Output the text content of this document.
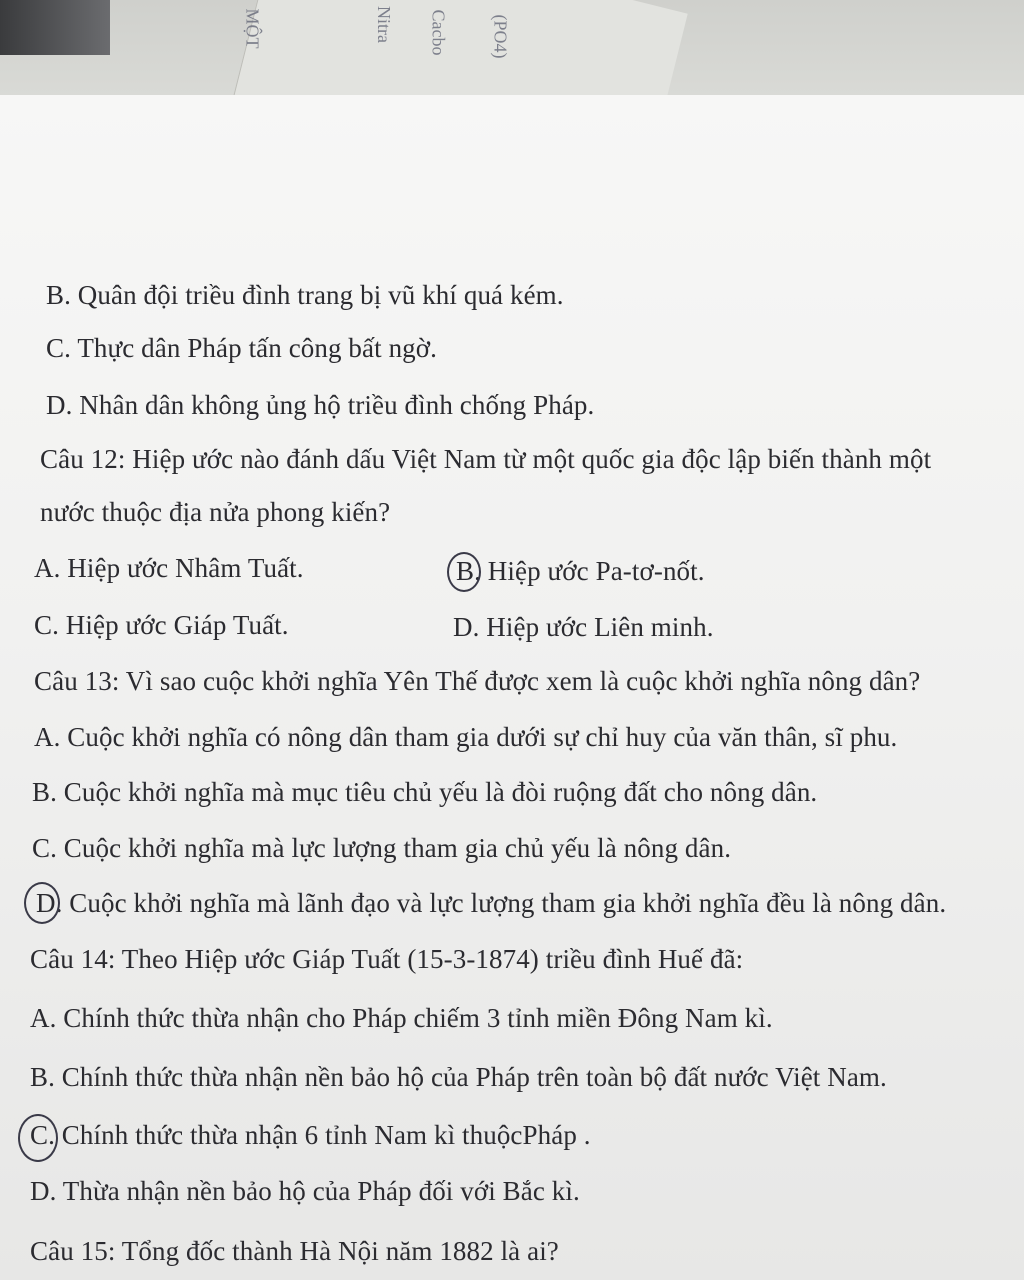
MỘT	Cacbo
Nitra	(PO4)
B. Quân đội triều đình trang bị vũ khí quá kém.
C. Thực dân Pháp tấn công bất ngờ.
D. Nhân dân không ủng hộ triều đình chống Pháp.
Câu 12: Hiệp ước nào đánh dấu Việt Nam từ một quốc gia độc lập biến thành một
nước thuộc địa nửa phong kiến?
A. Hiệp ước Nhâm Tuất.	B. Hiệp ước Pa-tơ-nốt.
C. Hiệp ước Giáp Tuất.	D. Hiệp ước Liên minh.
Câu 13: Vì sao cuộc khởi nghĩa Yên Thế được xem là cuộc khởi nghĩa nông dân?
A. Cuộc khởi nghĩa có nông dân tham gia dưới sự chỉ huy của văn thân, sĩ phu.
B. Cuộc khởi nghĩa mà mục tiêu chủ yếu là đòi ruộng đất cho nông dân.
C. Cuộc khởi nghĩa mà lực lượng tham gia chủ yếu là nông dân.
D. Cuộc khởi nghĩa mà lãnh đạo và lực lượng tham gia khởi nghĩa đều là nông dân.
Câu 14: Theo Hiệp ước Giáp Tuất (15-3-1874) triều đình Huế đã:
A. Chính thức thừa nhận cho Pháp chiếm 3 tỉnh miền Đông Nam kì.
B. Chính thức thừa nhận nền bảo hộ của Pháp trên toàn bộ đất nước Việt Nam.
C. Chính thức thừa nhận 6 tỉnh Nam kì thuộcPháp .
D. Thừa nhận nền bảo hộ của Pháp đối với Bắc kì.
Câu 15: Tổng đốc thành Hà Nội năm 1882 là ai?
